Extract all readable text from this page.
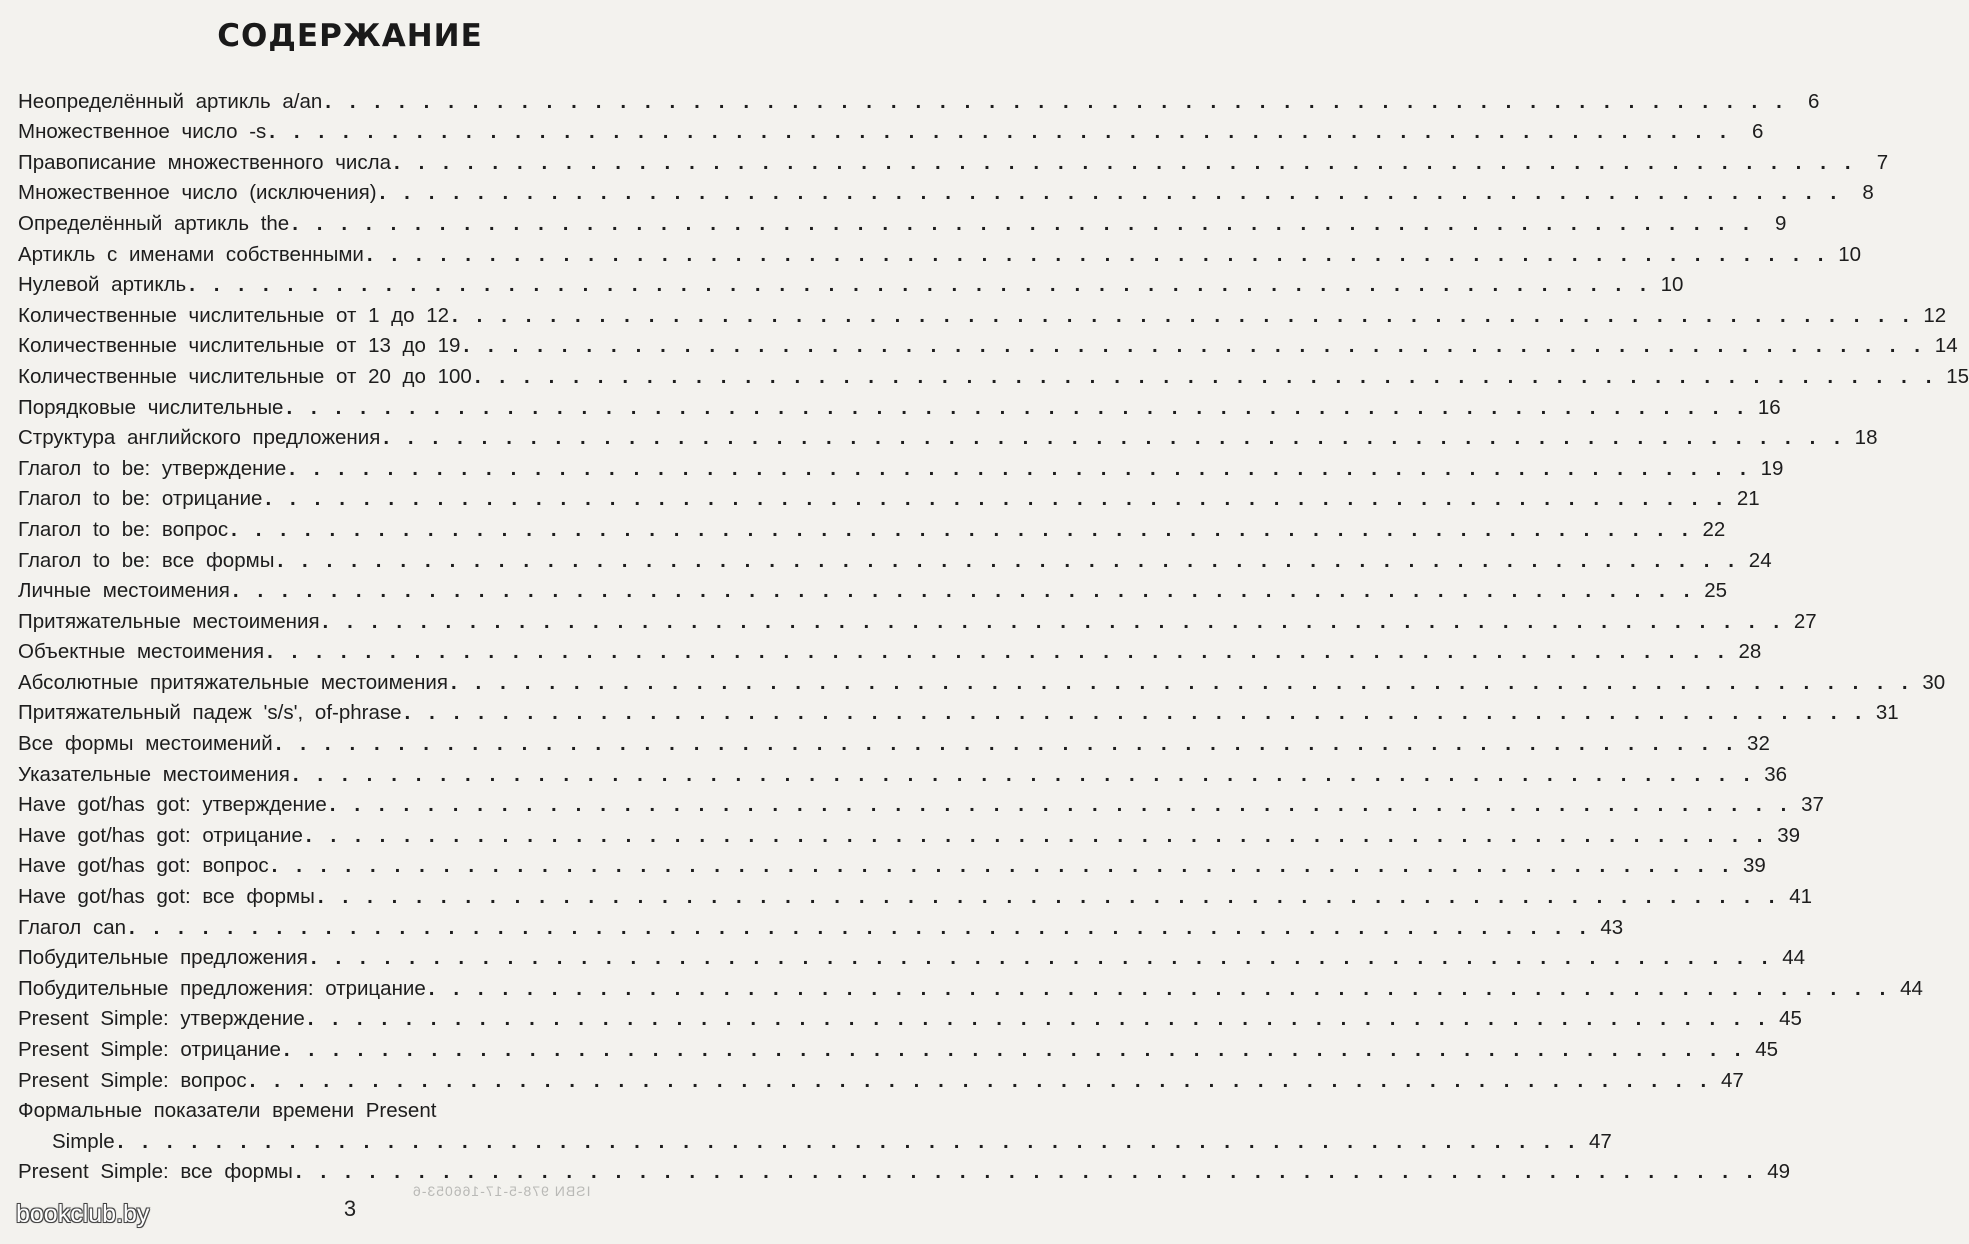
СОДЕРЖАНИЕ
Неопределённый артикль a/an . . . . . . . . . . . . . . . . . . . . . . . . . . . . . . . . . . . . . . . . . . . . . . . . . . . . . . . . . . . .	6
Множественное число -s . . . . . . . . . . . . . . . . . . . . . . . . . . . . . . . . . . . . . . . . . . . . . . . . . . . . . . . . . . . .	6
Правописание множественного числа . . . . . . . . . . . . . . . . . . . . . . . . . . . . . . . . . . . . . . . . . . . . . . . . . . . . . . . . . . . .	7
Множественное число (исключения) . . . . . . . . . . . . . . . . . . . . . . . . . . . . . . . . . . . . . . . . . . . . . . . . . . . . . . . . . . . .	8
Определённый артикль the . . . . . . . . . . . . . . . . . . . . . . . . . . . . . . . . . . . . . . . . . . . . . . . . . . . . . . . . . . . .	9
Артикль с именами собственными . . . . . . . . . . . . . . . . . . . . . . . . . . . . . . . . . . . . . . . . . . . . . . . . . . . . . . . . . . . . 10
Нулевой артикль . . . . . . . . . . . . . . . . . . . . . . . . . . . . . . . . . . . . . . . . . . . . . . . . . . . . . . . . . . . . 10
Количественные числительные от 1 до 12 . . . . . . . . . . . . . . . . . . . . . . . . . . . . . . . . . . . . . . . . . . . . . . . . . . . . . . . . . . . . 12
Количественные числительные от 13 до 19 . . . . . . . . . . . . . . . . . . . . . . . . . . . . . . . . . . . . . . . . . . . . . . . . . . . . . . . . . . . . 14
Количественные числительные от 20 до 100 . . . . . . . . . . . . . . . . . . . . . . . . . . . . . . . . . . . . . . . . . . . . . . . . . . . . . . . . . . . . 15
Порядковые числительные . . . . . . . . . . . . . . . . . . . . . . . . . . . . . . . . . . . . . . . . . . . . . . . . . . . . . . . . . . . . 16
Структура английского предложения . . . . . . . . . . . . . . . . . . . . . . . . . . . . . . . . . . . . . . . . . . . . . . . . . . . . . . . . . . . . 18
Глагол to be: утверждение . . . . . . . . . . . . . . . . . . . . . . . . . . . . . . . . . . . . . . . . . . . . . . . . . . . . . . . . . . . . 19
Глагол to be: отрицание . . . . . . . . . . . . . . . . . . . . . . . . . . . . . . . . . . . . . . . . . . . . . . . . . . . . . . . . . . . . 21
Глагол to be: вопрос . . . . . . . . . . . . . . . . . . . . . . . . . . . . . . . . . . . . . . . . . . . . . . . . . . . . . . . . . . . . 22
Глагол to be: все формы . . . . . . . . . . . . . . . . . . . . . . . . . . . . . . . . . . . . . . . . . . . . . . . . . . . . . . . . . . . . 24
Личные местоимения . . . . . . . . . . . . . . . . . . . . . . . . . . . . . . . . . . . . . . . . . . . . . . . . . . . . . . . . . . . . 25
Притяжательные местоимения . . . . . . . . . . . . . . . . . . . . . . . . . . . . . . . . . . . . . . . . . . . . . . . . . . . . . . . . . . . . 27
Объектные местоимения . . . . . . . . . . . . . . . . . . . . . . . . . . . . . . . . . . . . . . . . . . . . . . . . . . . . . . . . . . . . 28
Абсолютные притяжательные местоимения . . . . . . . . . . . . . . . . . . . . . . . . . . . . . . . . . . . . . . . . . . . . . . . . . . . . . . . . . . . . 30
Притяжательный падеж 's/s', of-phrase . . . . . . . . . . . . . . . . . . . . . . . . . . . . . . . . . . . . . . . . . . . . . . . . . . . . . . . . . . . . 31
Все формы местоимений . . . . . . . . . . . . . . . . . . . . . . . . . . . . . . . . . . . . . . . . . . . . . . . . . . . . . . . . . . . . 32
Указательные местоимения . . . . . . . . . . . . . . . . . . . . . . . . . . . . . . . . . . . . . . . . . . . . . . . . . . . . . . . . . . . . 36
Have got/has got: утверждение . . . . . . . . . . . . . . . . . . . . . . . . . . . . . . . . . . . . . . . . . . . . . . . . . . . . . . . . . . . . 37
Have got/has got: отрицание . . . . . . . . . . . . . . . . . . . . . . . . . . . . . . . . . . . . . . . . . . . . . . . . . . . . . . . . . . . . 39
Have got/has got: вопрос . . . . . . . . . . . . . . . . . . . . . . . . . . . . . . . . . . . . . . . . . . . . . . . . . . . . . . . . . . . . 39
Have got/has got: все формы . . . . . . . . . . . . . . . . . . . . . . . . . . . . . . . . . . . . . . . . . . . . . . . . . . . . . . . . . . . . 41
Глагол can . . . . . . . . . . . . . . . . . . . . . . . . . . . . . . . . . . . . . . . . . . . . . . . . . . . . . . . . . . . . 43
Побудительные предложения . . . . . . . . . . . . . . . . . . . . . . . . . . . . . . . . . . . . . . . . . . . . . . . . . . . . . . . . . . . . 44
Побудительные предложения: отрицание . . . . . . . . . . . . . . . . . . . . . . . . . . . . . . . . . . . . . . . . . . . . . . . . . . . . . . . . . . . . 44
Present Simple: утверждение . . . . . . . . . . . . . . . . . . . . . . . . . . . . . . . . . . . . . . . . . . . . . . . . . . . . . . . . . . . . 45
Present Simple: отрицание . . . . . . . . . . . . . . . . . . . . . . . . . . . . . . . . . . . . . . . . . . . . . . . . . . . . . . . . . . . . 45
Present Simple: вопрос . . . . . . . . . . . . . . . . . . . . . . . . . . . . . . . . . . . . . . . . . . . . . . . . . . . . . . . . . . . . 47
Формальные показатели времени Present
Simple . . . . . . . . . . . . . . . . . . . . . . . . . . . . . . . . . . . . . . . . . . . . . . . . . . . . . . . . . . . . 47
Present Simple: все формы . . . . . . . . . . . . . . . . . . . . . . . . . . . . . . . . . . . . . . . . . . . . . . . . . . . . . . . . . . . . 49
ISBN 978-5-17-166053-6
3
bookclub.by
